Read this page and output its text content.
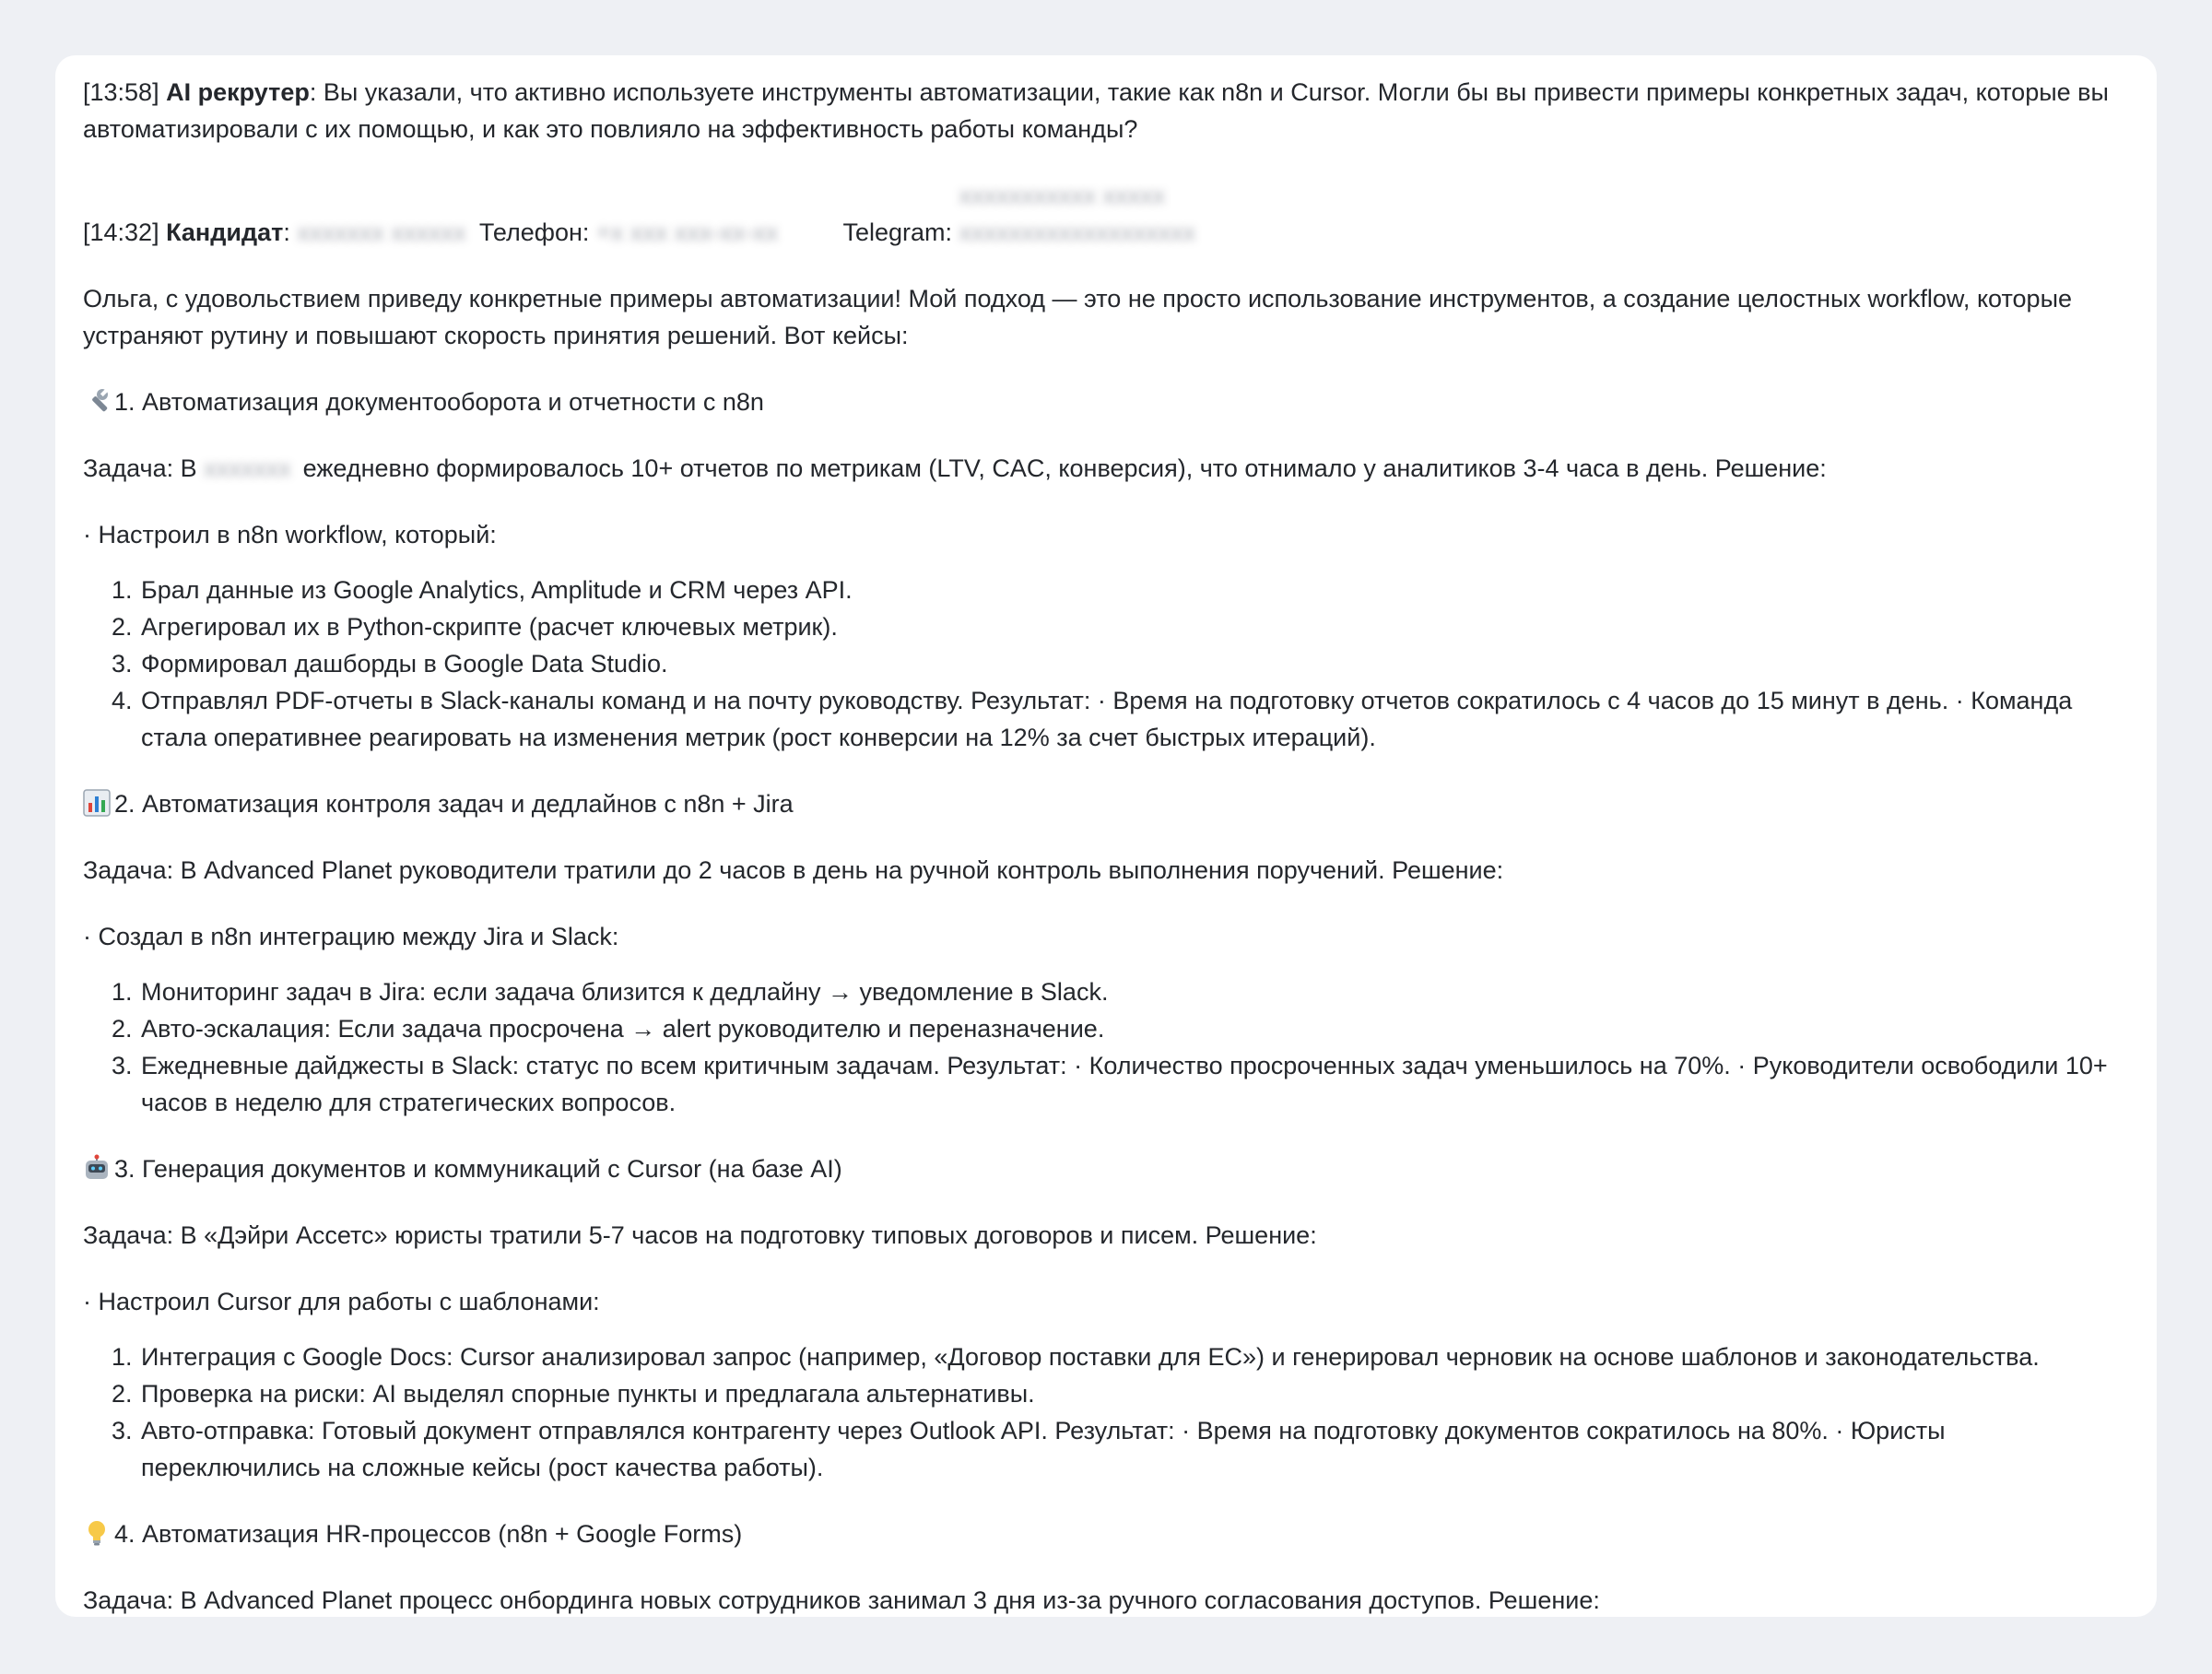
[13:58] AI рекрутер: Вы указали, что активно используете инструменты автоматизации, такие как n8n и Cursor. Могли бы вы привести примеры конкретных задач, которые вы автоматизировали с их помощью, и как это повлияло на эффективность работы команды?

[14:32] Кандидат: xxxxxxx xxxxxx Телефон: +x xxx xxx-xx-xx	Telegram: xxxxxxxxxxx xxxxx xxxxxxxxxxxxxxxxxxx

Ольга, с удовольствием приведу конкретные примеры автоматизации! Мой подход — это не просто использование инструментов, а создание целостных workflow, которые устраняют рутину и повышают скорость принятия решений. Вот кейсы:

1. Автоматизация документооборота и отчетности с n8n

Задача: В xxxxxxx ежедневно формировалось 10+ отчетов по метрикам (LTV, CAC, конверсия), что отнимало у аналитиков 3-4 часа в день. Решение:

· Настроил в n8n workflow, который:

1. Брал данные из Google Analytics, Amplitude и CRM через API.
2. Агрегировал их в Python-скрипте (расчет ключевых метрик).
3. Формировал дашборды в Google Data Studio.
4. Отправлял PDF-отчеты в Slack-каналы команд и на почту руководству. Результат: · Время на подготовку отчетов сократилось с 4 часов до 15 минут в день. · Команда стала оперативнее реагировать на изменения метрик (рост конверсии на 12% за счет быстрых итераций).

2. Автоматизация контроля задач и дедлайнов с n8n + Jira

Задача: В Advanced Planet руководители тратили до 2 часов в день на ручной контроль выполнения поручений. Решение:

· Создал в n8n интеграцию между Jira и Slack:

1. Мониторинг задач в Jira: если задача близится к дедлайну → уведомление в Slack.
2. Авто-эскалация: Если задача просрочена → alert руководителю и переназначение.
3. Ежедневные дайджесты в Slack: статус по всем критичным задачам. Результат: · Количество просроченных задач уменьшилось на 70%. · Руководители освободили 10+ часов в неделю для стратегических вопросов.

3. Генерация документов и коммуникаций с Cursor (на базе AI)

Задача: В «Дэйри Ассетс» юристы тратили 5-7 часов на подготовку типовых договоров и писем. Решение:

· Настроил Cursor для работы с шаблонами:

1. Интеграция с Google Docs: Cursor анализировал запрос (например, «Договор поставки для ЕС») и генерировал черновик на основе шаблонов и законодательства.
2. Проверка на риски: AI выделял спорные пункты и предлагала альтернативы.
3. Авто-отправка: Готовый документ отправлялся контрагенту через Outlook API. Результат: · Время на подготовку документов сократилось на 80%. · Юристы переключились на сложные кейсы (рост качества работы).

4. Автоматизация HR-процессов (n8n + Google Forms)

Задача: В Advanced Planet процесс онбординга новых сотрудников занимал 3 дня из-за ручного согласования доступов. Решение:
